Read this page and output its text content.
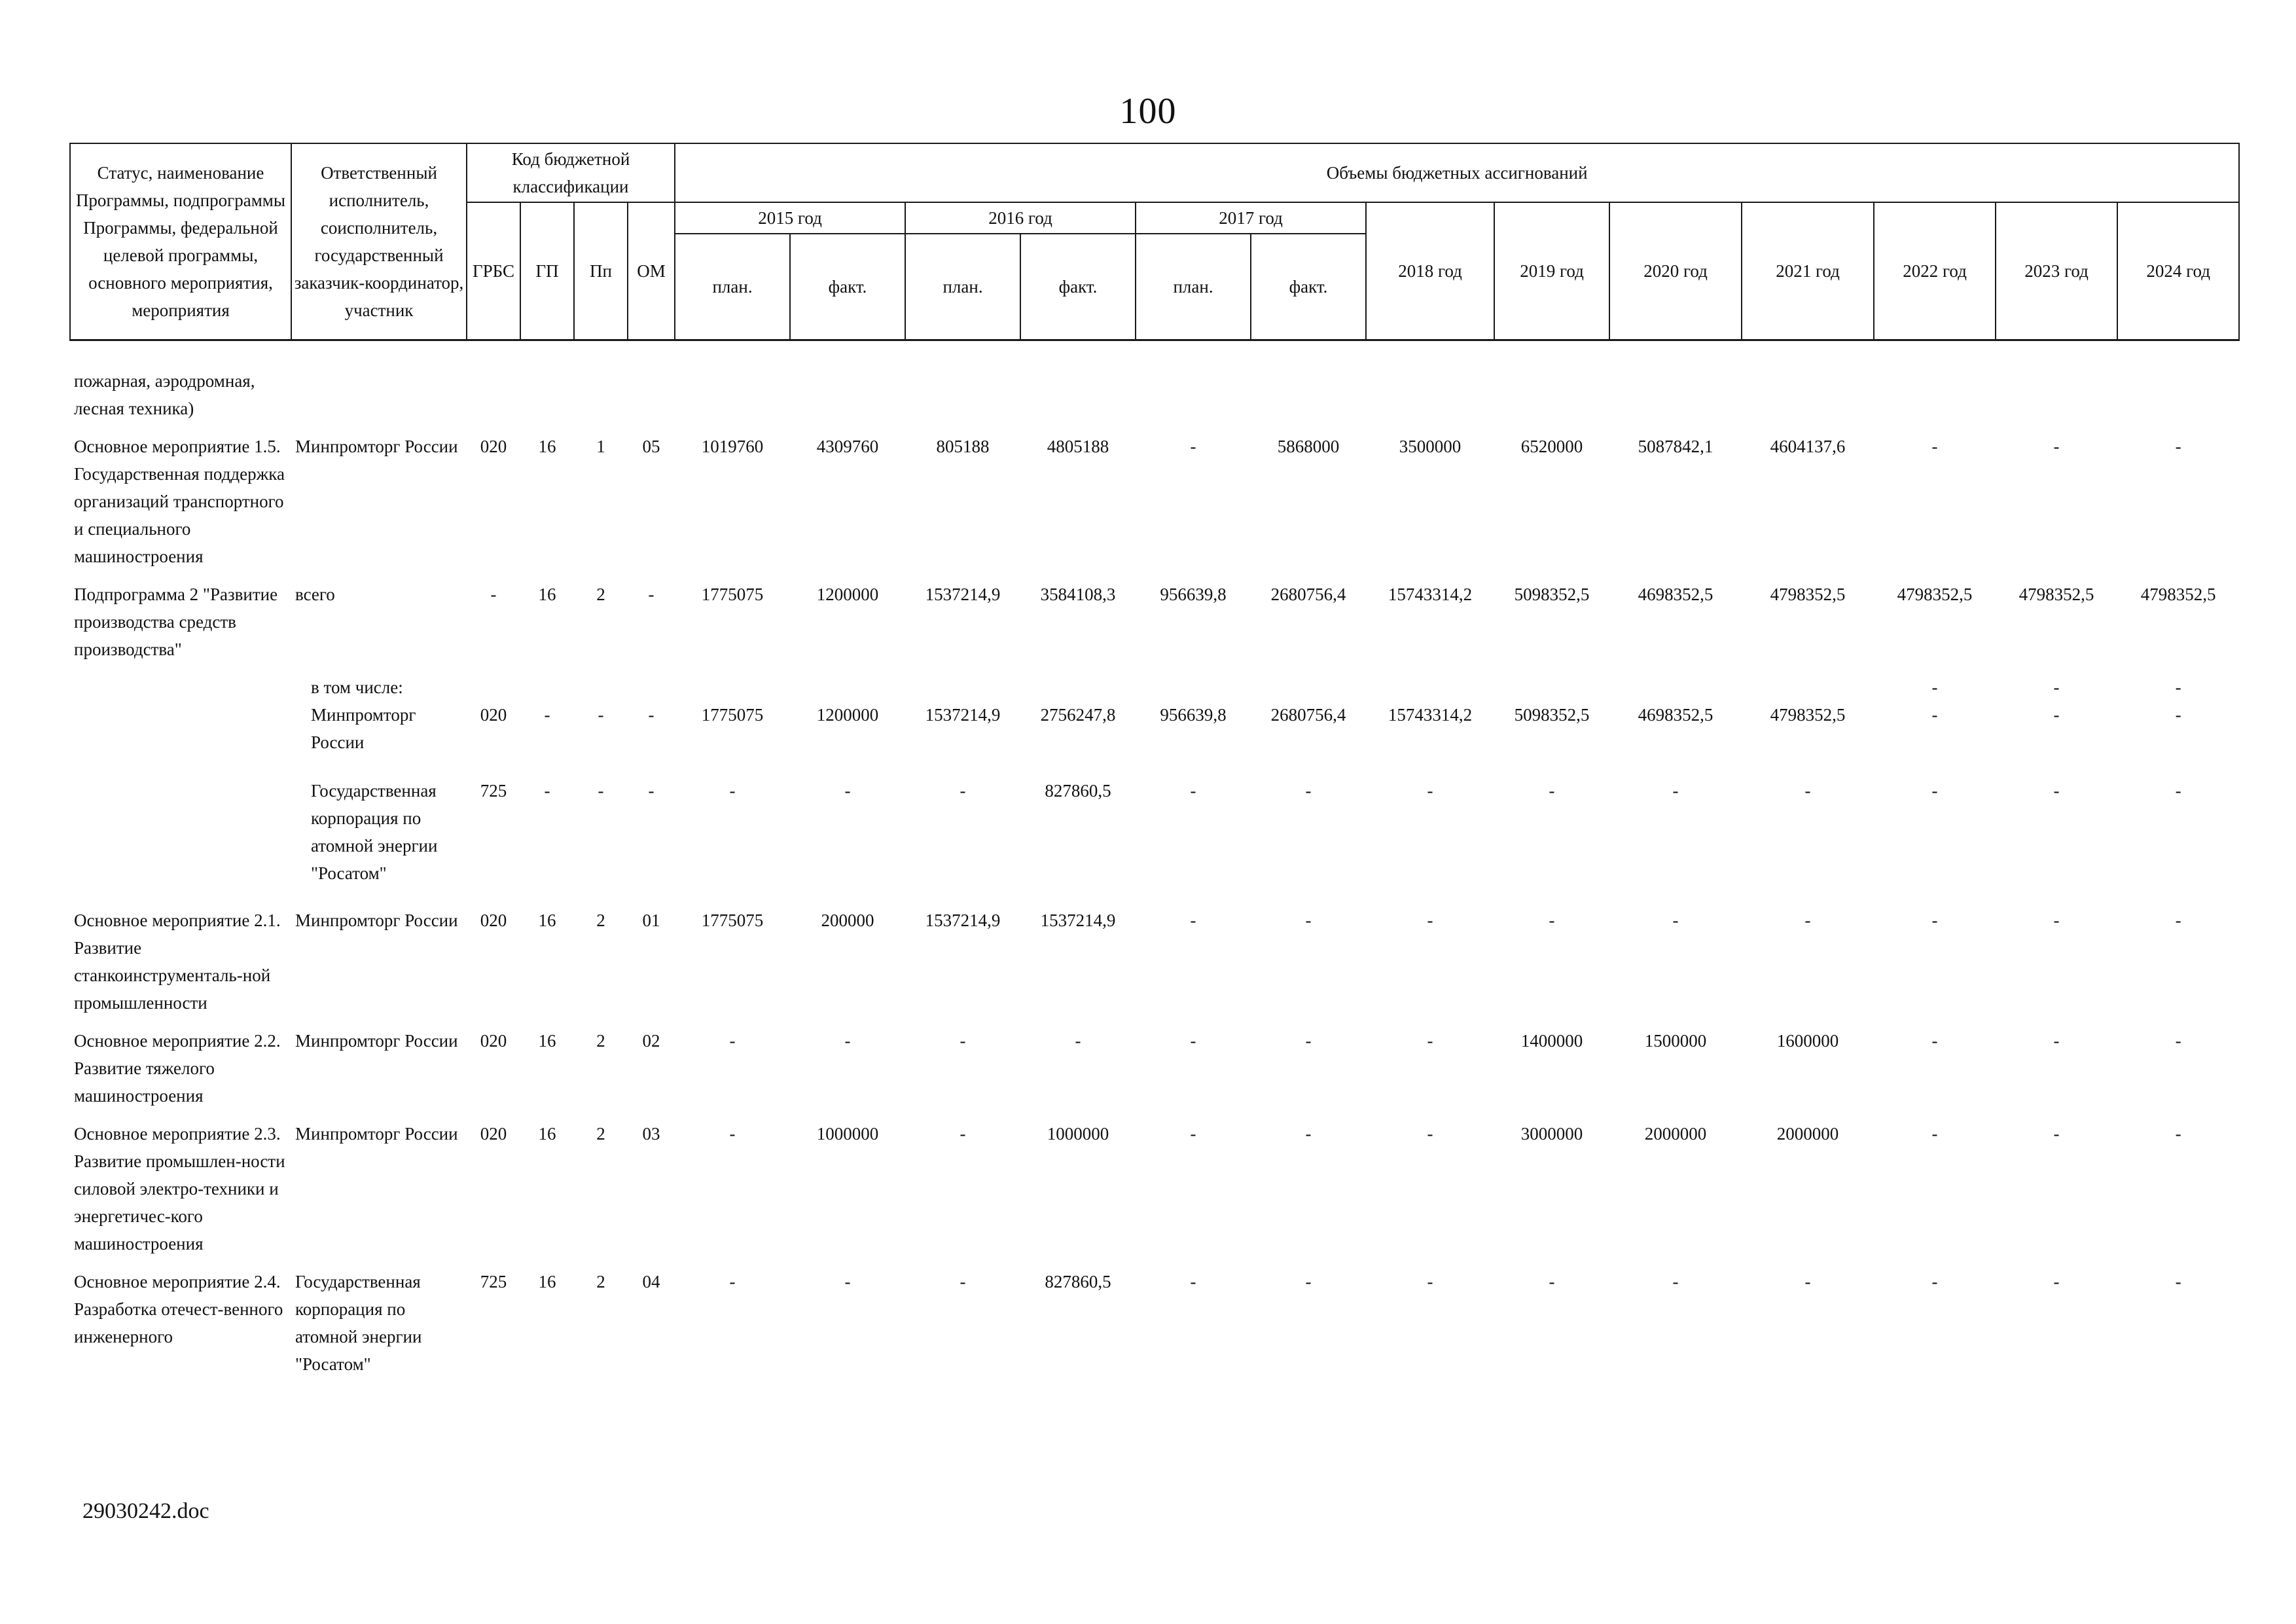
100
Статус, наименование Программы, подпрограммы Программы, федеральной целевой программы, основного мероприятия, мероприятия	Ответственный исполнитель, соисполнитель, государственный заказчик-координатор, участник	Код бюджетной классификации				Объемы бюджетных ассигнований												
		ГРБС	ГП	Пп	ОМ	2015 год		2016 год		2017 год		2018 год	2019 год	2020 год	2021 год	2022 год	2023 год	2024 год
						план.	факт.	план.	факт.	план.	факт.							
пожарная, аэродромная, лесная техника)																		
Основное мероприятие 1.5. Государственная поддержка организаций транспортного и специального машиностроения	Минпромторг России	020	16	1	05	1019760	4309760	805188	4805188	-	5868000	3500000	6520000	5087842,1	4604137,6	-	-	-
Подпрограмма 2 "Развитие производства средств производства"	всего	-	16	2	-	1775075	1200000	1537214,9	3584108,3	956639,8	2680756,4	15743314,2	5098352,5	4698352,5	4798352,5	4798352,5	4798352,5	4798352,5
	в том числе:															-	-	-
	Минпромторг России	020	-	-	-	1775075	1200000	1537214,9	2756247,8	956639,8	2680756,4	15743314,2	5098352,5	4698352,5	4798352,5	-	-	-
	Государственная корпорация по атомной энергии "Росатом"	725	-	-	-	-	-	-	827860,5	-	-	-	-	-	-	-	-	-
Основное мероприятие 2.1. Развитие станкоинструменталь-ной промышленности	Минпромторг России	020	16	2	01	1775075	200000	1537214,9	1537214,9	-	-	-	-	-	-	-	-	-
Основное мероприятие 2.2. Развитие тяжелого машиностроения	Минпромторг России	020	16	2	02	-	-	-	-	-	-	-	1400000	1500000	1600000	-	-	-
Основное мероприятие 2.3. Развитие промышлен-ности силовой электро-техники и энергетичес-кого машиностроения	Минпромторг России	020	16	2	03	-	1000000	-	1000000	-	-	-	3000000	2000000	2000000	-	-	-
Основное мероприятие 2.4. Разработка отечест-венного инженерного	Государственная корпорация по атомной энергии "Росатом"	725	16	2	04	-	-	-	827860,5	-	-	-	-	-	-	-	-	-
29030242.doc
